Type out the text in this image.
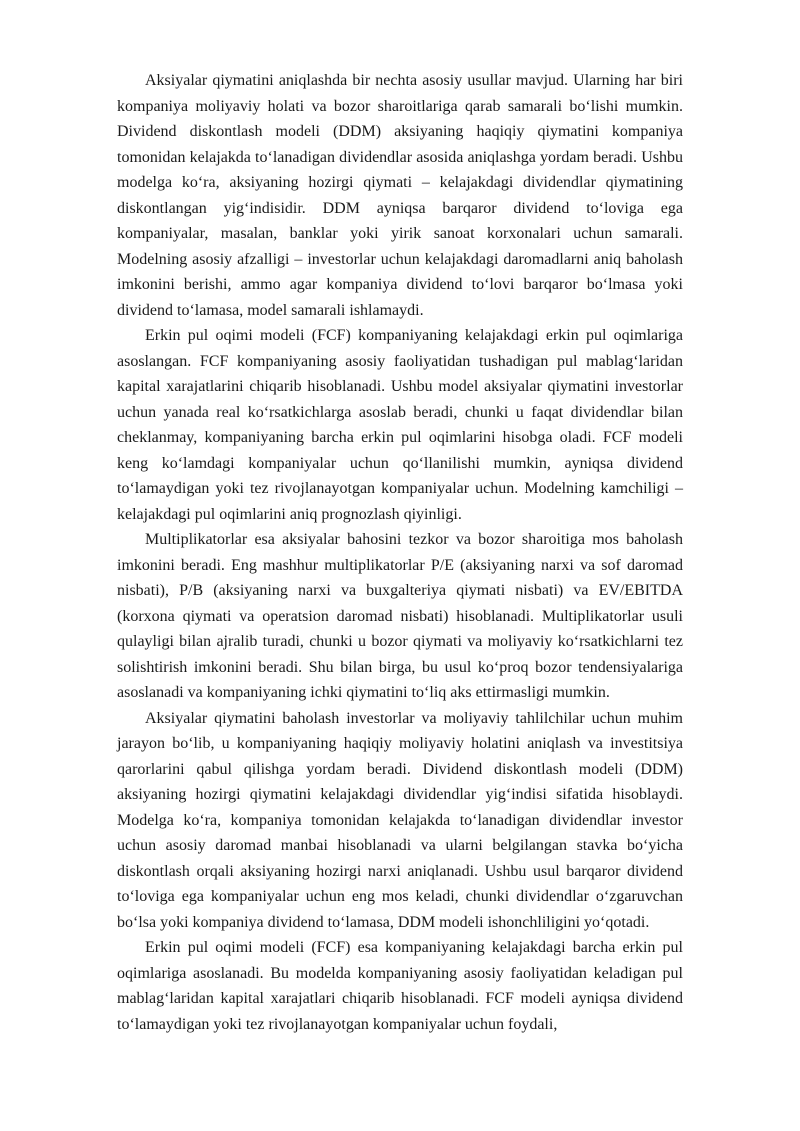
Aksiyalar qiymatini aniqlashda bir nechta asosiy usullar mavjud. Ularning har biri kompaniya moliyaviy holati va bozor sharoitlariga qarab samarali bo‘lishi mumkin. Dividend diskontlash modeli (DDM) aksiyaning haqiqiy qiymatini kompaniya tomonidan kelajakda to‘lanadigan dividendlar asosida aniqlashga yordam beradi. Ushbu modelga ko‘ra, aksiyaning hozirgi qiymati – kelajakdagi dividendlar qiymatining diskontlangan yig‘indisidir. DDM ayniqsa barqaror dividend to‘loviga ega kompaniyalar, masalan, banklar yoki yirik sanoat korxonalari uchun samarali. Modelning asosiy afzalligi – investorlar uchun kelajakdagi daromadlarni aniq baholash imkonini berishi, ammo agar kompaniya dividend to‘lovi barqaror bo‘lmasa yoki dividend to‘lamasa, model samarali ishlamaydi.

Erkin pul oqimi modeli (FCF) kompaniyaning kelajakdagi erkin pul oqimlariga asoslangan. FCF kompaniyaning asosiy faoliyatidan tushadigan pul mablag‘laridan kapital xarajatlarini chiqarib hisoblanadi. Ushbu model aksiyalar qiymatini investorlar uchun yanada real ko‘rsatkichlarga asoslab beradi, chunki u faqat dividendlar bilan cheklanmay, kompaniyaning barcha erkin pul oqimlarini hisobga oladi. FCF modeli keng ko‘lamdagi kompaniyalar uchun qo‘llanilishi mumkin, ayniqsa dividend to‘lamaydigan yoki tez rivojlanayotgan kompaniyalar uchun. Modelning kamchiligi – kelajakdagi pul oqimlarini aniq prognozlash qiyinligi.

Multiplikatorlar esa aksiyalar bahosini tezkor va bozor sharoitiga mos baholash imkonini beradi. Eng mashhur multiplikatorlar P/E (aksiyaning narxi va sof daromad nisbati), P/B (aksiyaning narxi va buxgalteriya qiymati nisbati) va EV/EBITDA (korxona qiymati va operatsion daromad nisbati) hisoblanadi. Multiplikatorlar usuli qulayligi bilan ajralib turadi, chunki u bozor qiymati va moliyaviy ko‘rsatkichlarni tez solishtirish imkonini beradi. Shu bilan birga, bu usul ko‘proq bozor tendensiyalariga asoslanadi va kompaniyaning ichki qiymatini to‘liq aks ettirmasligi mumkin.

Aksiyalar qiymatini baholash investorlar va moliyaviy tahlilchilar uchun muhim jarayon bo‘lib, u kompaniyaning haqiqiy moliyaviy holatini aniqlash va investitsiya qarorlarini qabul qilishga yordam beradi. Dividend diskontlash modeli (DDM) aksiyaning hozirgi qiymatini kelajakdagi dividendlar yig‘indisi sifatida hisoblaydi. Modelga ko‘ra, kompaniya tomonidan kelajakda to‘lanadigan dividendlar investor uchun asosiy daromad manbai hisoblanadi va ularni belgilangan stavka bo‘yicha diskontlash orqali aksiyaning hozirgi narxi aniqlanadi. Ushbu usul barqaror dividend to‘loviga ega kompaniyalar uchun eng mos keladi, chunki dividendlar o‘zgaruvchan bo‘lsa yoki kompaniya dividend to‘lamasa, DDM modeli ishonchliligini yo‘qotadi.

Erkin pul oqimi modeli (FCF) esa kompaniyaning kelajakdagi barcha erkin pul oqimlariga asoslanadi. Bu modelda kompaniyaning asosiy faoliyatidan keladigan pul mablag‘laridan kapital xarajatlari chiqarib hisoblanadi. FCF modeli ayniqsa dividend to‘lamaydigan yoki tez rivojlanayotgan kompaniyalar uchun foydali,
